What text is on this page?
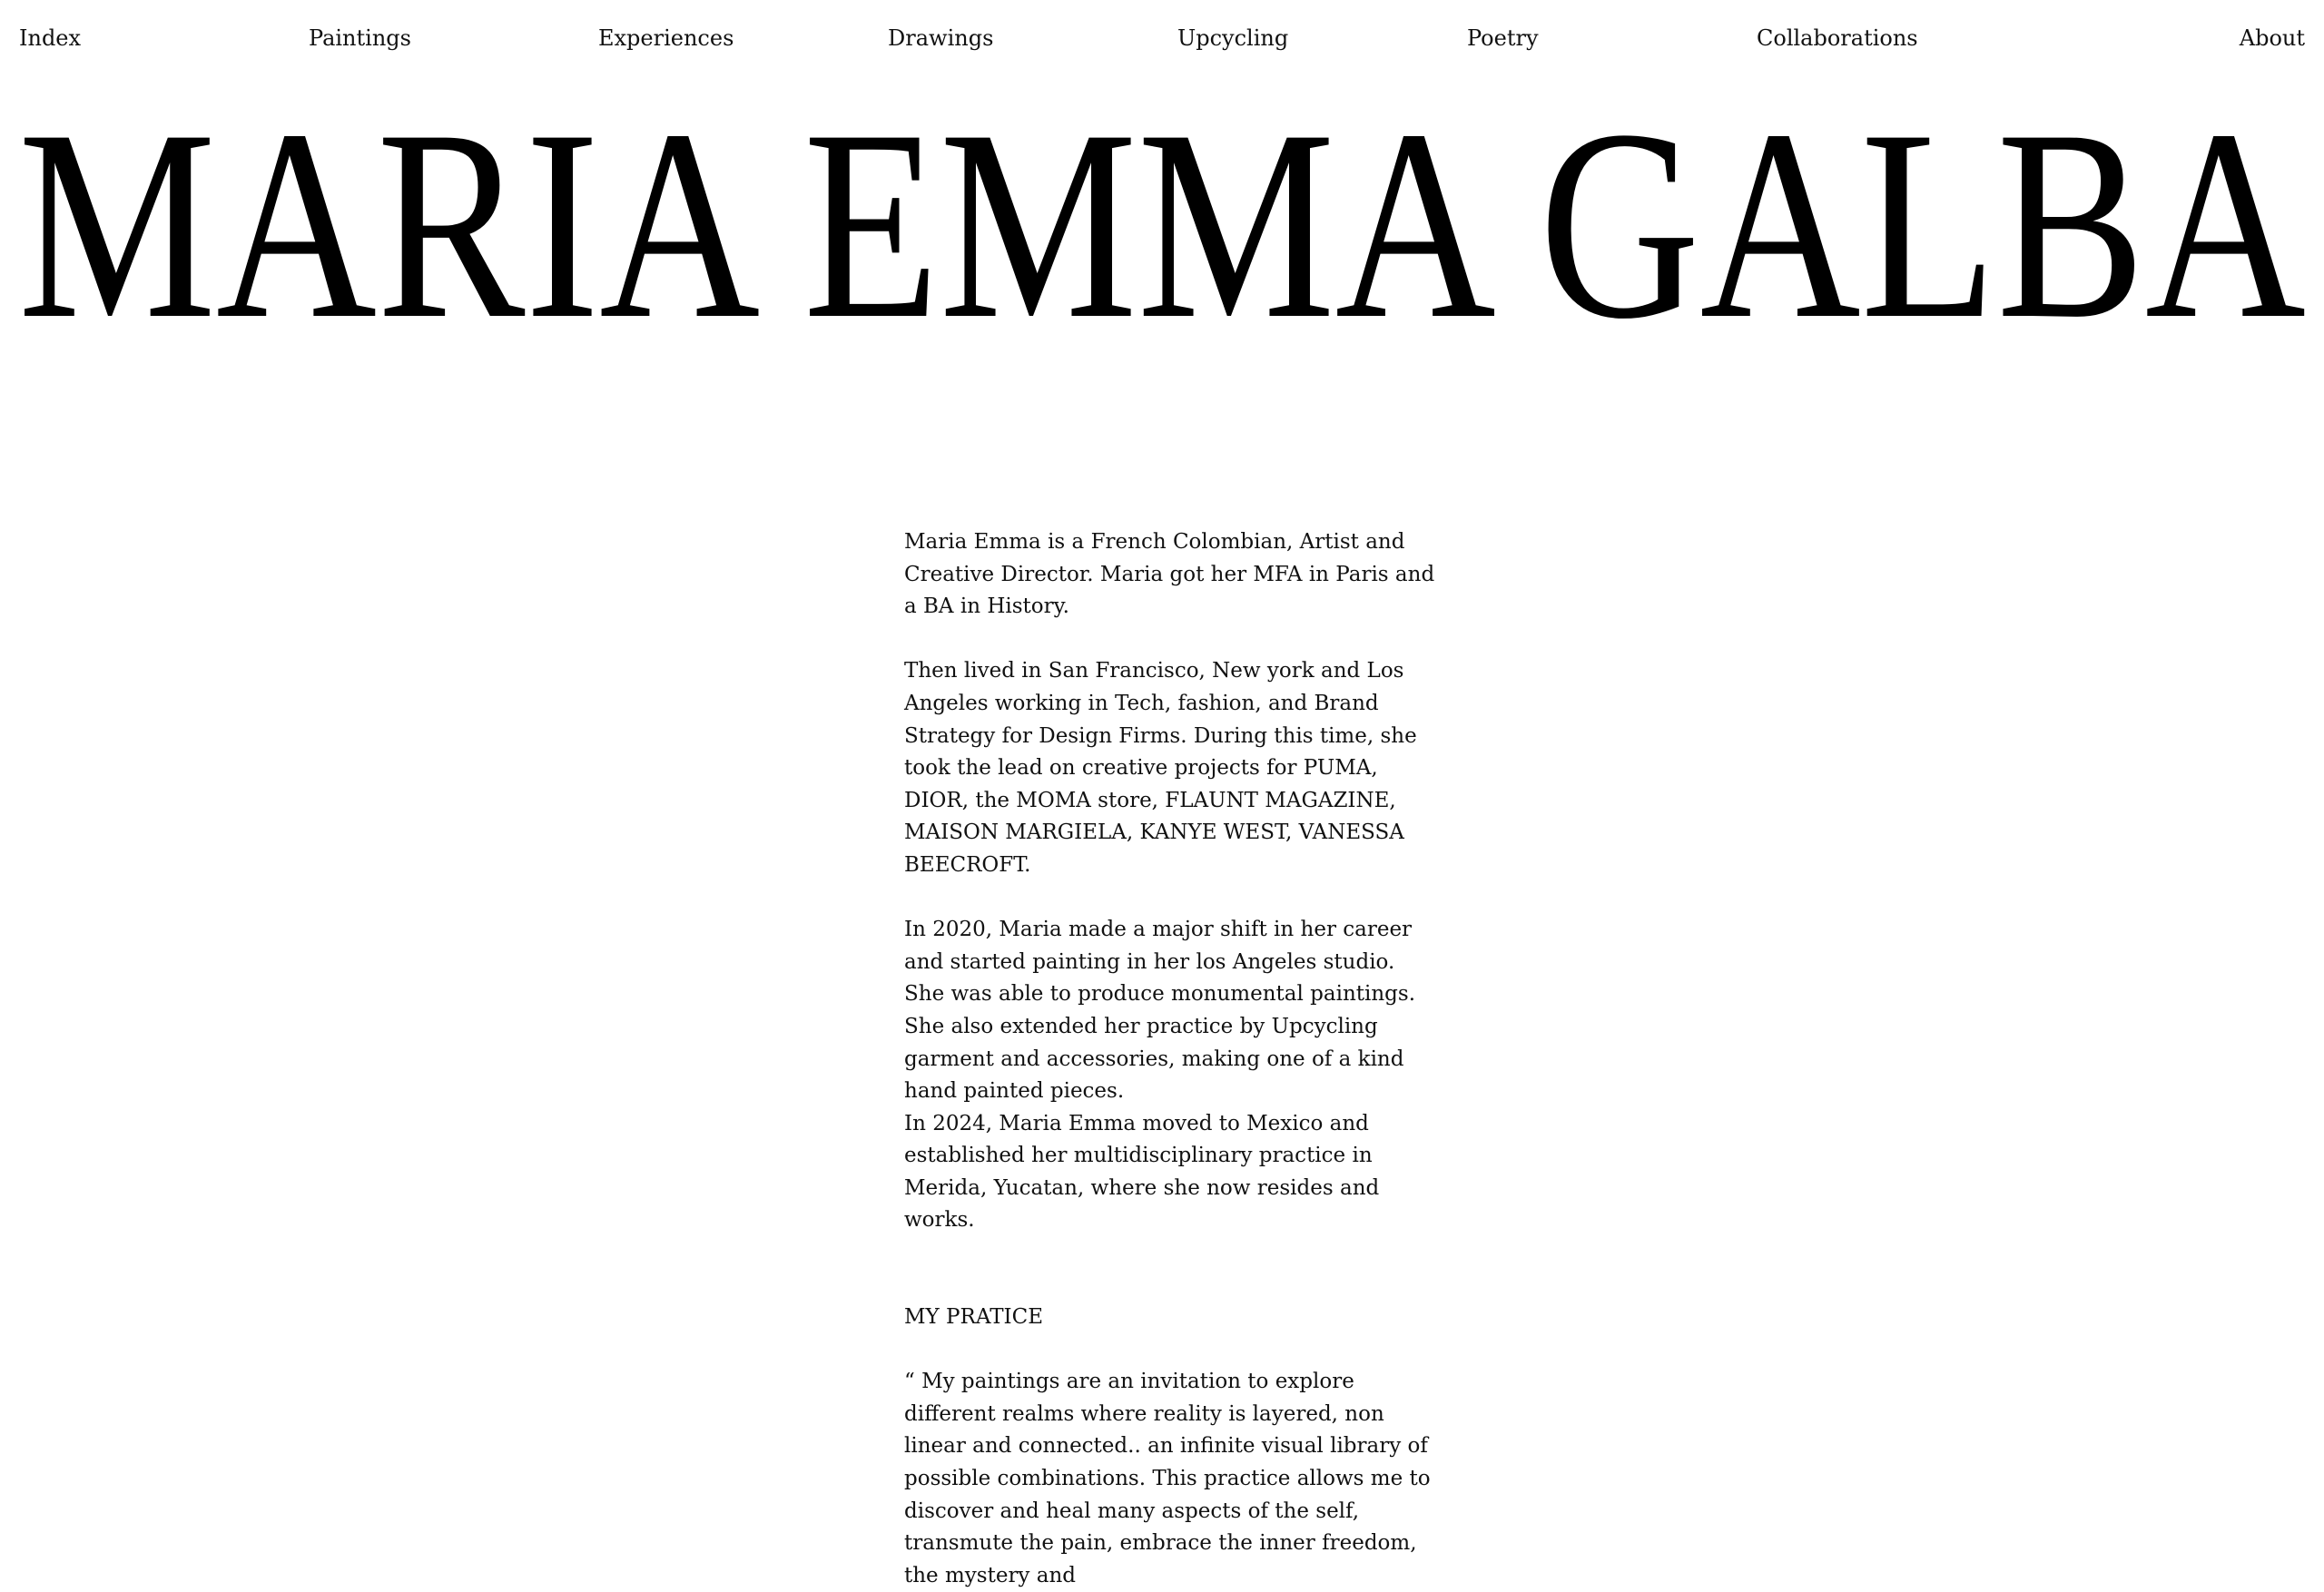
Index	Paintings	Experiences	Drawings	Upcycling	Poetry	Collaborations	About
MARIA EMMA GALBA

Maria Emma is a French Colombian, Artist and Creative Director. Maria got her MFA in Paris and a BA in History.

Then lived in San Francisco, New york and Los Angeles working in Tech, fashion, and Brand Strategy for Design Firms. During this time, she took the lead on creative projects for PUMA, DIOR, the MOMA store, FLAUNT MAGAZINE, MAISON MARGIELA, KANYE WEST, VANESSA BEECROFT.

In 2020, Maria made a major shift in her career and started painting in her los Angeles studio. She was able to produce monumental paintings. She also extended her practice by Upcycling garment and accessories, making one of a kind hand painted pieces.

In 2024, Maria Emma moved to Mexico and established her multidisciplinary practice in Merida, Yucatan, where she now resides and works.

MY PRATICE

“ My paintings are an invitation to explore different realms where reality is layered, non linear and connected.. an infinite visual library of possible combinations. This practice allows me to discover and heal many aspects of the self, transmute the pain, embrace the inner freedom, the mystery and
